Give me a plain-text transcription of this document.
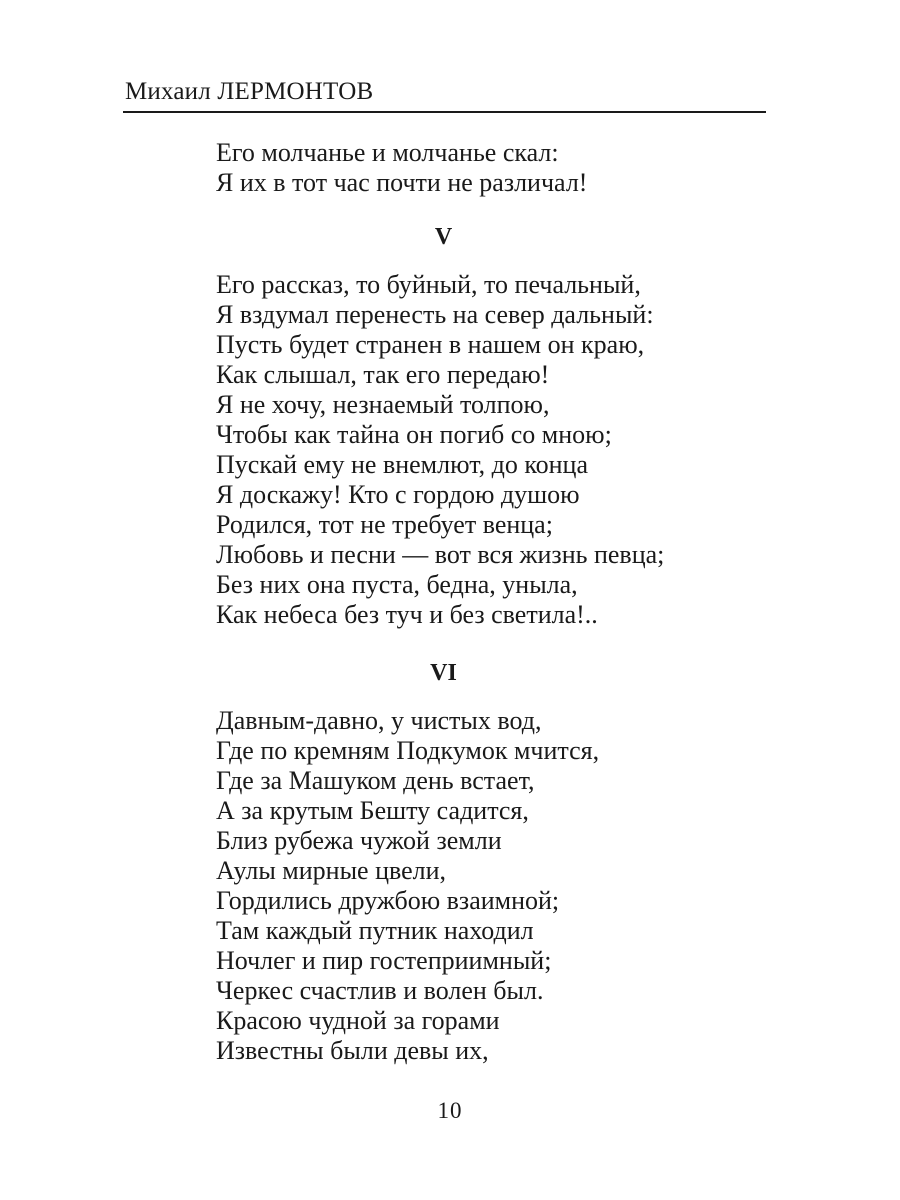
Михаил ЛЕРМОНТОВ
Его молчанье и молчанье скал:
Я их в тот час почти не различал!
V
Его рассказ, то буйный, то печальный,
Я вздумал перенесть на север дальный:
Пусть будет странен в нашем он краю,
Как слышал, так его передаю!
Я не хочу, незнаемый толпою,
Чтобы как тайна он погиб со мною;
Пускай ему не внемлют, до конца
Я доскажу! Кто с гордою душою
Родился, тот не требует венца;
Любовь и песни — вот вся жизнь певца;
Без них она пуста, бедна, уныла,
Как небеса без туч и без светила!..
VI
Давным-давно, у чистых вод,
Где по кремням Подкумок мчится,
Где за Машуком день встает,
А за крутым Бешту садится,
Близ рубежа чужой земли
Аулы мирные цвели,
Гордились дружбою взаимной;
Там каждый путник находил
Ночлег и пир гостеприимный;
Черкес счастлив и волен был.
Красою чудной за горами
Известны были девы их,
10
